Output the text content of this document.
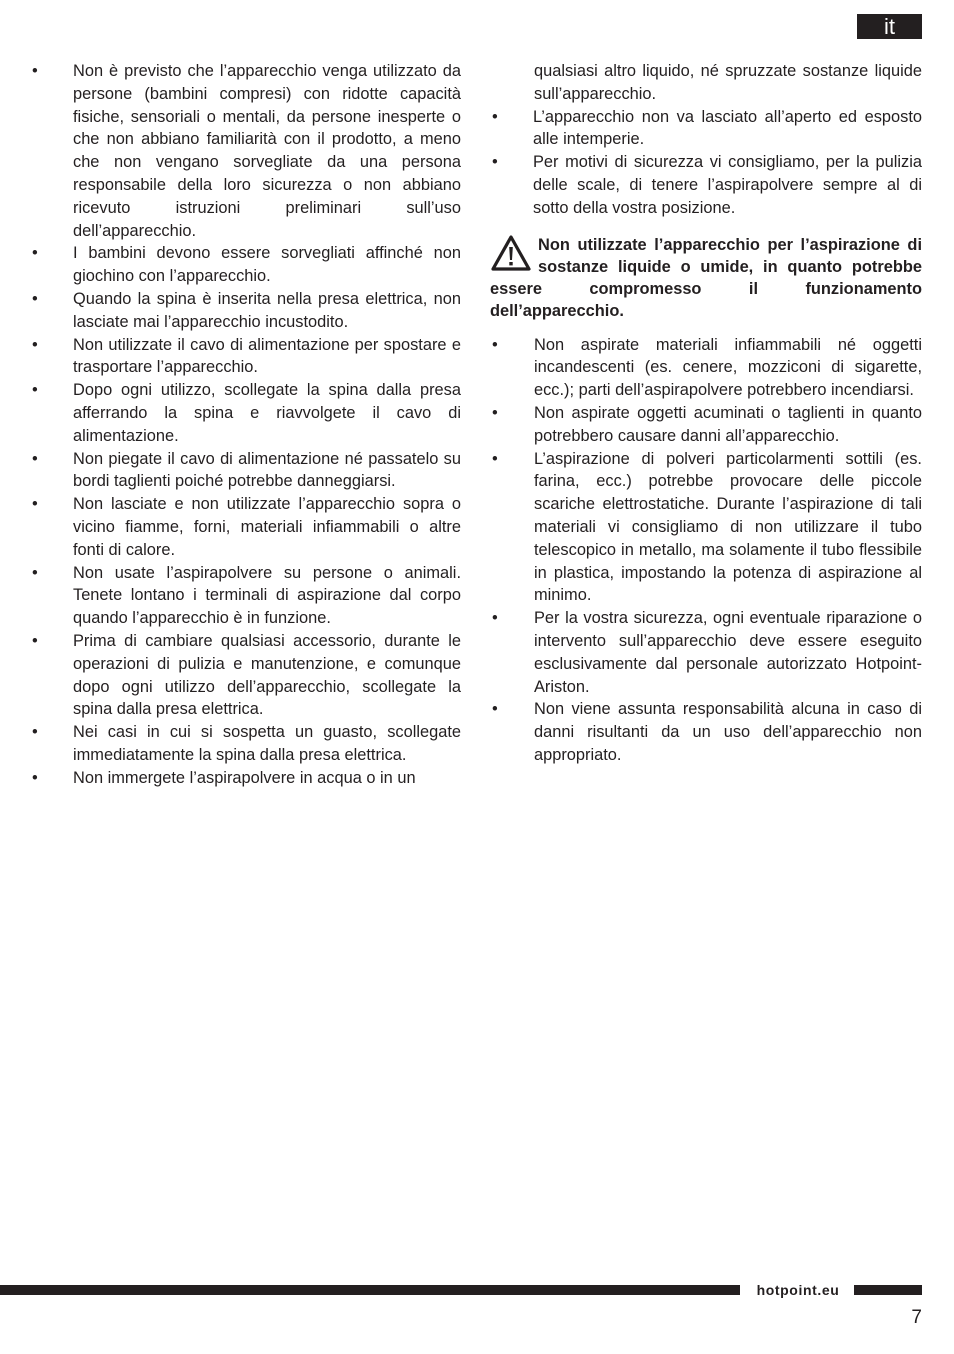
it
• Non è previsto che l’apparecchio venga utilizzato da persone (bambini compresi) con ridotte capacità fisiche, sensoriali o mentali, da persone inesperte o che non abbiano familiarità con il prodotto, a meno che non vengano sorvegliate da una persona responsabile della loro sicurezza o non abbiano ricevuto istruzioni preliminari sull’uso dell’apparecchio.
• I bambini devono essere sorvegliati affinché non giochino con l’apparecchio.
• Quando la spina è inserita nella presa elettrica, non lasciate mai l’apparecchio incustodito.
• Non utilizzate il cavo di alimentazione per spostare e trasportare l’apparecchio.
• Dopo ogni utilizzo, scollegate la spina dalla presa afferrando la spina e riavvolgete il cavo di alimentazione.
• Non piegate il cavo di alimentazione né passatelo su bordi taglienti poiché potrebbe danneggiarsi.
• Non lasciate e non utilizzate l’apparecchio sopra o vicino fiamme, forni, materiali infiammabili o altre fonti di calore.
• Non usate l’aspirapolvere su persone o animali. Tenete lontano i terminali di aspirazione dal corpo quando l’apparecchio è in funzione.
• Prima di cambiare qualsiasi accessorio, durante le operazioni di pulizia e manutenzione, e comunque dopo ogni utilizzo dell’apparecchio, scollegate la spina dalla presa elettrica.
• Nei casi in cui si sospetta un guasto, scollegate immediatamente la spina dalla presa elettrica.
• Non immergete l’aspirapolvere in acqua o in un
qualsiasi altro liquido, né spruzzate sostanze liquide sull’apparecchio.
• L’apparecchio non va lasciato all’aperto ed esposto alle intemperie.
• Per motivi di sicurezza vi consigliamo, per la pulizia delle scale, di tenere l’aspirapolvere sempre al di sotto della vostra posizione.
Non utilizzate l’apparecchio per l’aspirazione di sostanze liquide o umide, in quanto potrebbe essere compromesso il funzionamento dell’apparecchio.
• Non aspirate materiali infiammabili né oggetti incandescenti (es. cenere, mozziconi di sigarette, ecc.); parti dell’aspirapolvere potrebbero incendiarsi.
• Non aspirate oggetti acuminati o taglienti in quanto potrebbero causare danni all’apparecchio.
• L’aspirazione di polveri particolarmenti sottili (es. farina, ecc.) potrebbe provocare delle piccole scariche elettrostatiche. Durante l’aspirazione di tali materiali vi consigliamo di non utilizzare il tubo telescopico in metallo, ma solamente il tubo flessibile in plastica, impostando la potenza di aspirazione al minimo.
• Per la vostra sicurezza, ogni eventuale riparazione o intervento sull’apparecchio deve essere eseguito esclusivamente dal personale autorizzato Hotpoint-Ariston.
• Non viene assunta responsabilità alcuna in caso di danni risultanti da un uso dell’apparecchio non appropriato.
hotpoint.eu
7
